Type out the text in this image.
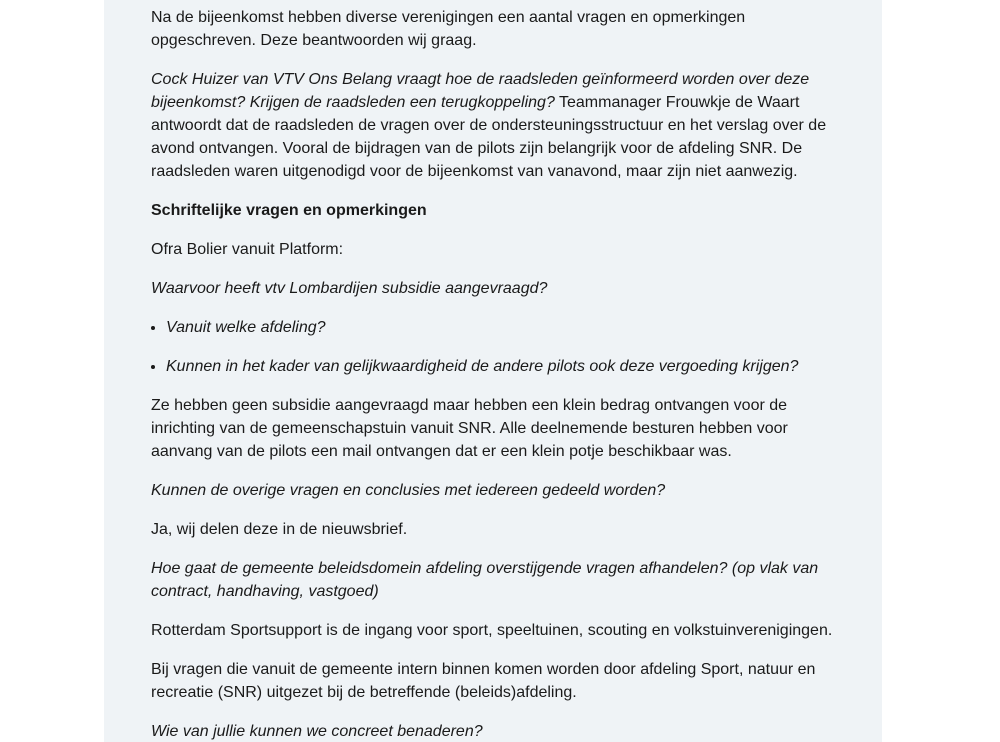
Na de bijeenkomst hebben diverse verenigingen een aantal vragen en opmerkingen opgeschreven. Deze beantwoorden wij graag.

Cock Huizer van VTV Ons Belang vraagt hoe de raadsleden geïnformeerd worden over deze bijeenkomst? Krijgen de raadsleden een terugkoppeling? Teammanager Frouwkje de Waart antwoordt dat de raadsleden de vragen over de ondersteuningsstructuur en het verslag over de avond ontvangen. Vooral de bijdragen van de pilots zijn belangrijk voor de afdeling SNR. De raadsleden waren uitgenodigd voor de bijeenkomst van vanavond, maar zijn niet aanwezig.

Schriftelijke vragen en opmerkingen

Ofra Bolier vanuit Platform:

Waarvoor heeft vtv Lombardijen subsidie aangevraagd?

• Vanuit welke afdeling?
• Kunnen in het kader van gelijkwaardigheid de andere pilots ook deze vergoeding krijgen?

Ze hebben geen subsidie aangevraagd maar hebben een klein bedrag ontvangen voor de inrichting van de gemeenschapstuin vanuit SNR. Alle deelnemende besturen hebben voor aanvang van de pilots een mail ontvangen dat er een klein potje beschikbaar was.

Kunnen de overige vragen en conclusies met iedereen gedeeld worden?

Ja, wij delen deze in de nieuwsbrief.

Hoe gaat de gemeente beleidsdomein afdeling overstijgende vragen afhandelen? (op vlak van contract, handhaving, vastgoed)

Rotterdam Sportsupport is de ingang voor sport, speeltuinen, scouting en volkstuinverenigingen.

Bij vragen die vanuit de gemeente intern binnen komen worden door afdeling Sport, natuur en recreatie (SNR) uitgezet bij de betreffende (beleids)afdeling.

Wie van jullie kunnen we concreet benaderen?
